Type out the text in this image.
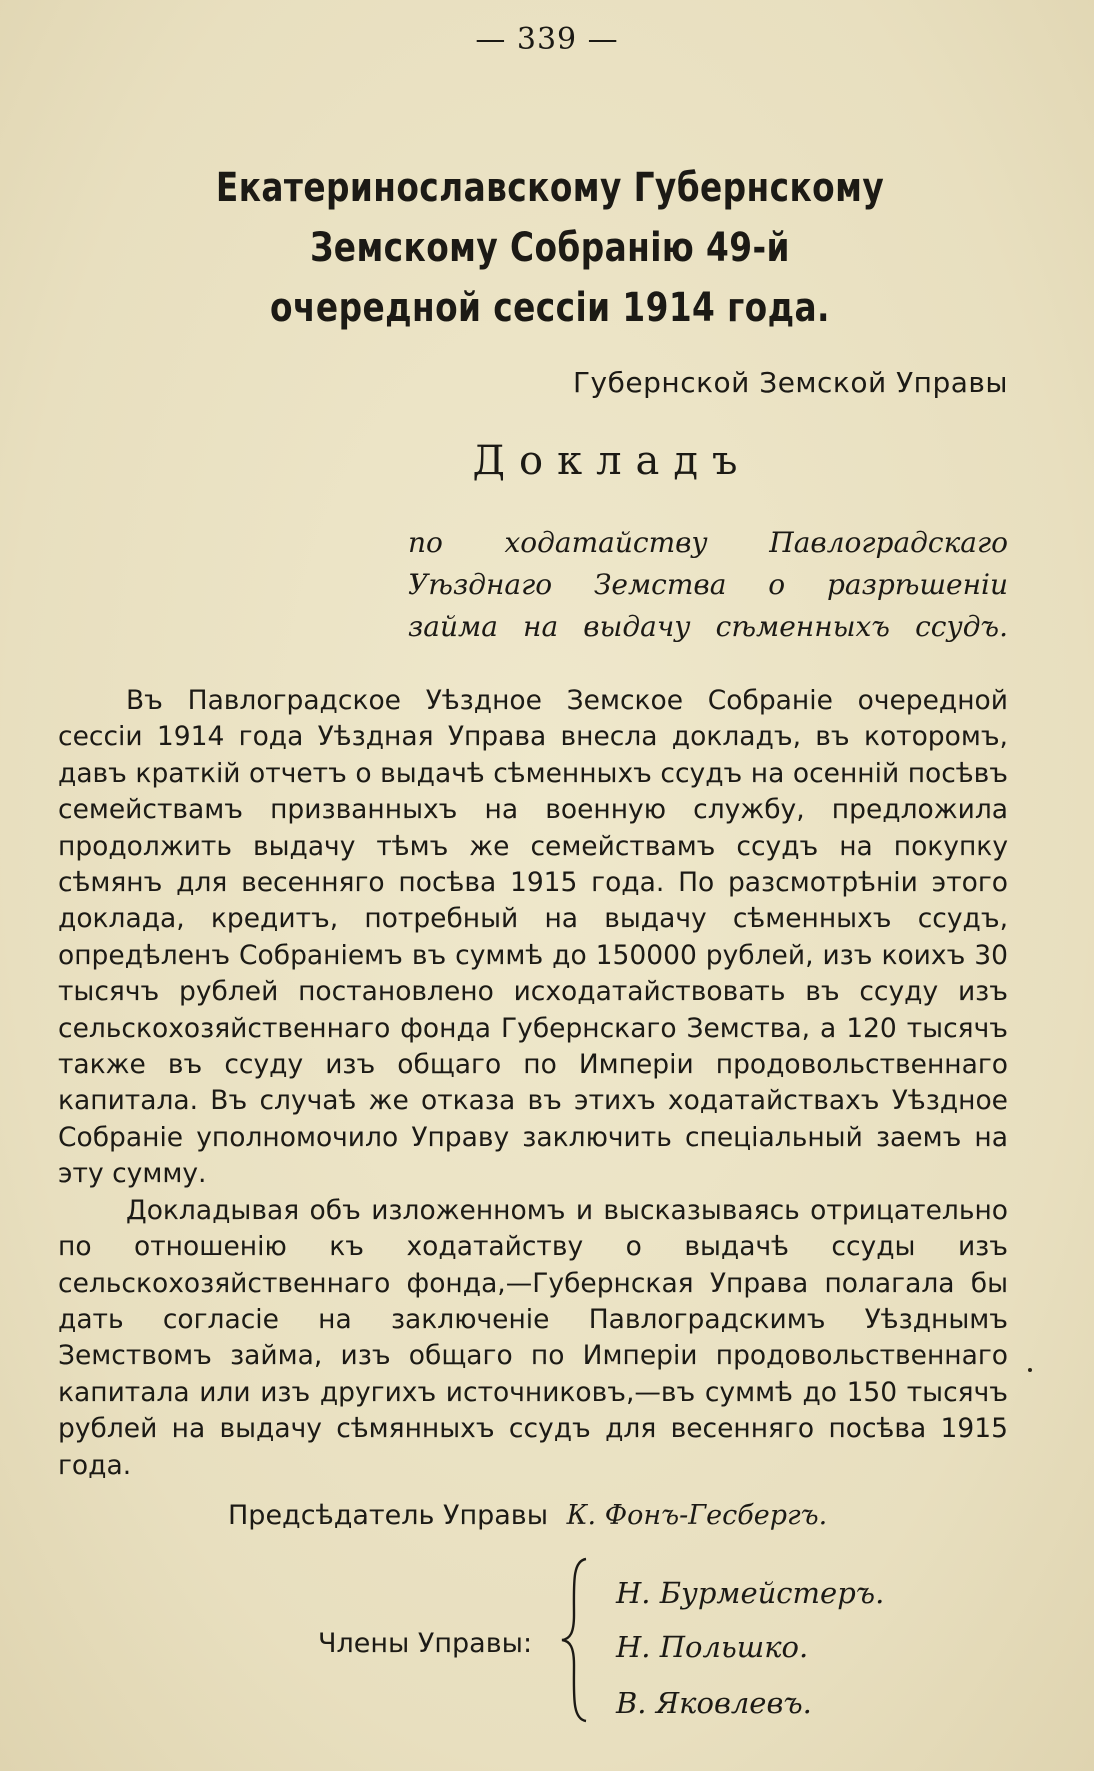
— 339 —
Екатеринославскому Губернскому Земскому Собранію 49-й
очередной сессіи 1914 года.
Губернской Земской Управы
Докладъ
по ходатайству Павлоградскаго
Уѣзднаго Земства о разрѣшеніи
займа на выдачу сѣменныхъ ссудъ.

Въ Павлоградское Уѣздное Земское Собраніе очередной сессіи 1914 года Уѣздная Управа внесла докладъ, въ которомъ, давъ краткій отчетъ о выдачѣ сѣменныхъ ссудъ на осенній посѣвъ семействамъ призванныхъ на военную службу, предложила продолжить выдачу тѣмъ же семействамъ ссудъ на покупку сѣмянъ для весенняго посѣва 1915 года. По разсмотрѣніи этого доклада, кредитъ, потребный на выдачу сѣменныхъ ссудъ, опредѣленъ Собраніемъ въ суммѣ до 150000 рублей, изъ коихъ 30 тысячъ рублей постановлено исходатайствовать въ ссуду изъ сельскохозяйственнаго фонда Губернскаго Земства, а 120 тысячъ также въ ссуду изъ общаго по Имперіи продовольственнаго капитала. Въ случаѣ же отказа въ этихъ ходатайствахъ Уѣздное Собраніе уполномочило Управу заключить спеціальный заемъ на эту сумму.

Докладывая объ изложенномъ и высказываясь отрицательно по отношенію къ ходатайству о выдачѣ ссуды изъ сельскохозяйственнаго фонда,—Губернская Управа полагала бы дать согласіе на заключеніе Павлоградскимъ Уѣзднымъ Земствомъ займа, изъ общаго по Имперіи продовольственнаго капитала или изъ другихъ источниковъ,—въ суммѣ до 150 тысячъ рублей на выдачу сѣмянныхъ ссудъ для весенняго посѣва 1915 года.

Предсѣдатель Управы К. Фонъ-Гесбергъ.
Члены Управы:
Н. Бурмейстеръ.
Н. Польшко.
В. Яковлевъ.
